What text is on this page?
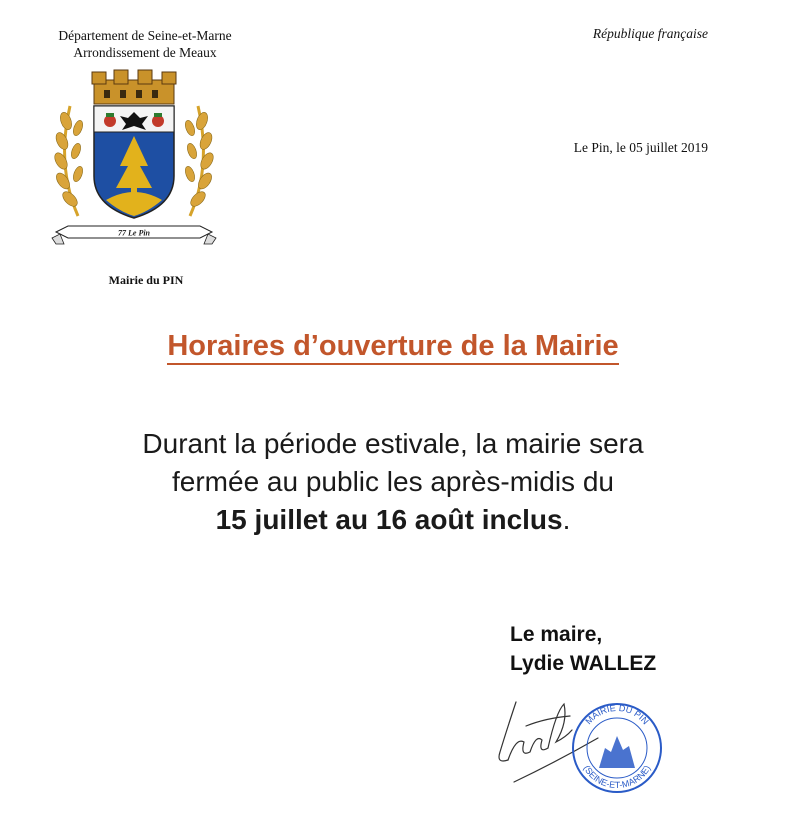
Département de Seine-et-Marne
Arrondissement de Meaux
République française
Le Pin, le 05 juillet 2019
77 Le Pin
Mairie du PIN
Horaires d’ouverture de la Mairie
Durant la période estivale, la mairie sera
fermée au public les après-midis du
15 juillet au 16 août inclus.
Le maire,
Lydie WALLEZ
MAIRIE DU PIN
(SEINE-ET-MARNE)
